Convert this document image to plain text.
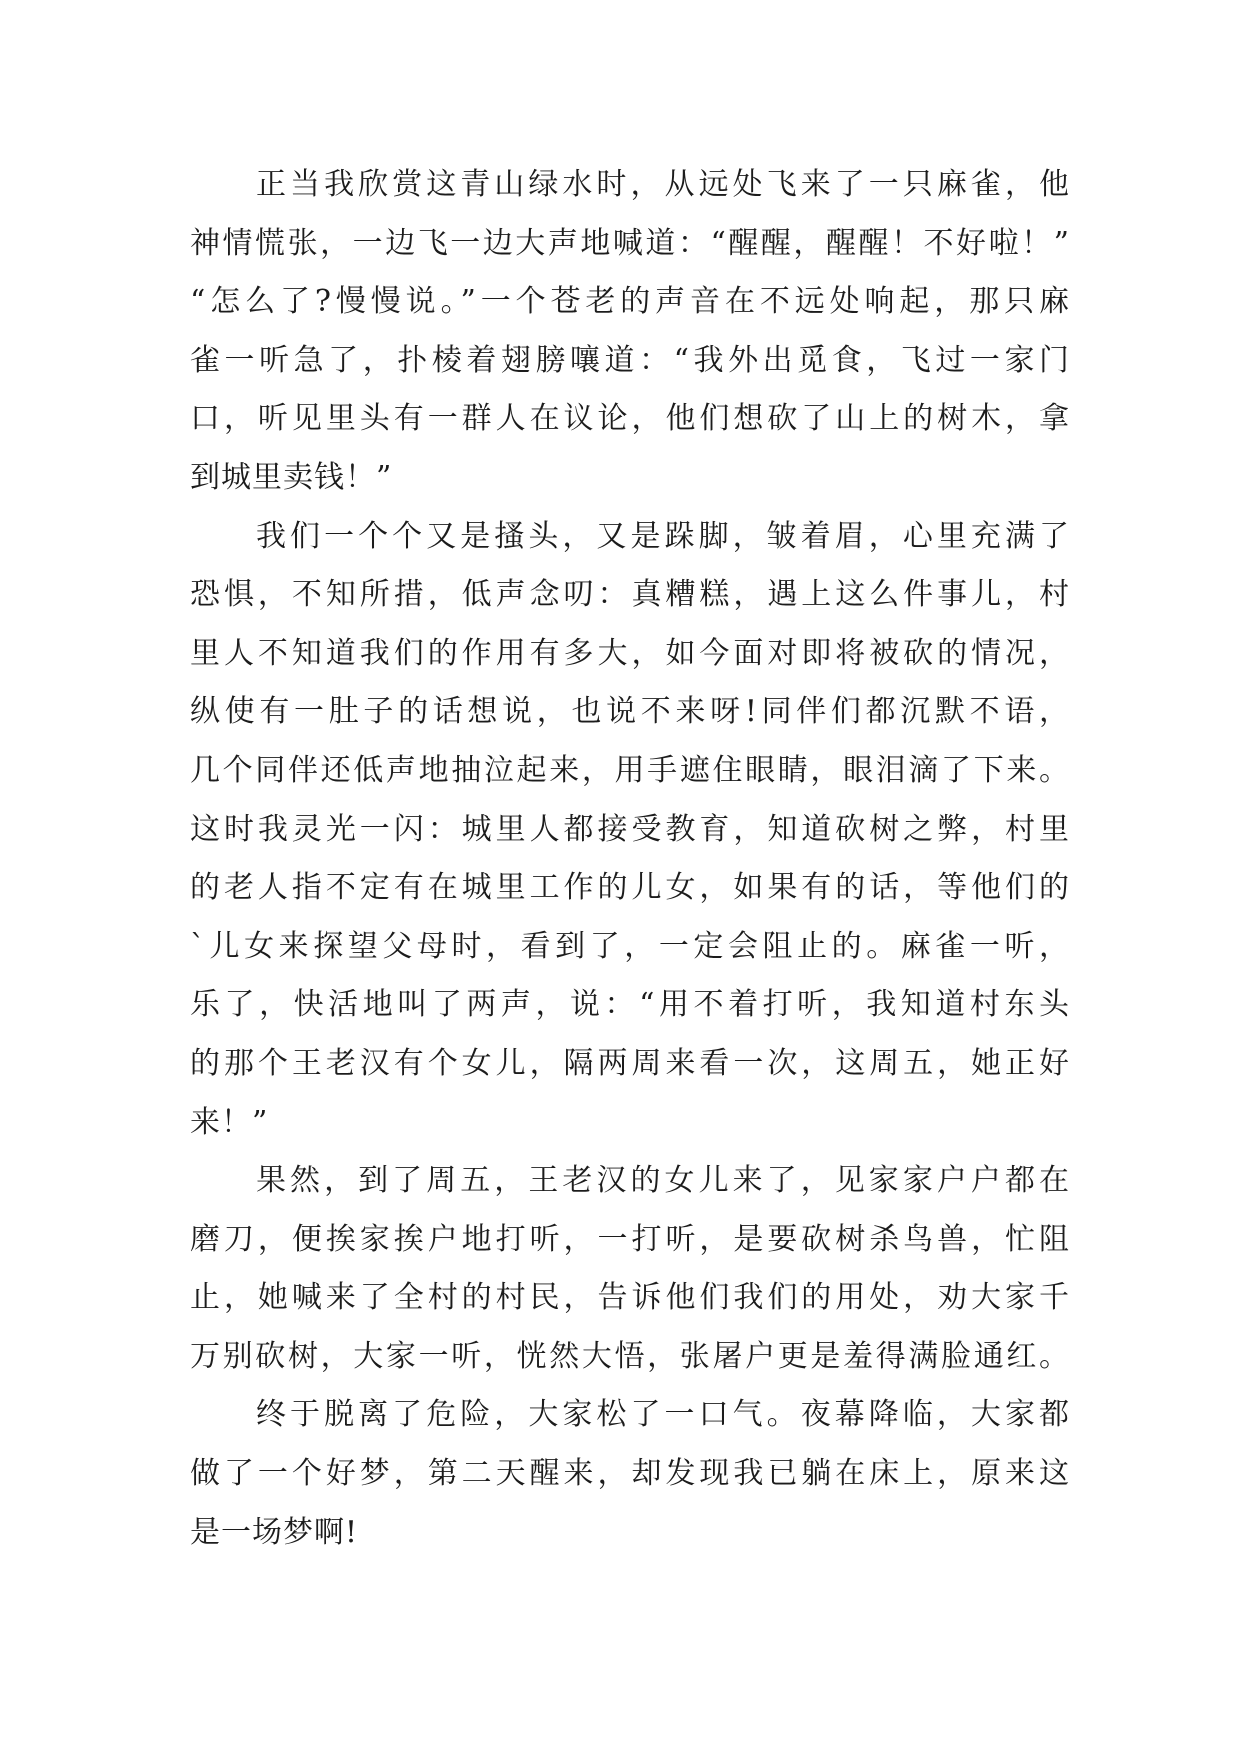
正当我欣赏这青山绿水时，从远处飞来了一只麻雀，他
神情慌张，一边飞一边大声地喊道：“醒醒，醒醒！不好啦！”
“怎么了?慢慢说。”一个苍老的声音在不远处响起，那只麻
雀一听急了，扑棱着翅膀嚷道：“我外出觅食，飞过一家门
口，听见里头有一群人在议论，他们想砍了山上的树木，拿
到城里卖钱！”
我们一个个又是搔头，又是跺脚，皱着眉，心里充满了
恐惧，不知所措，低声念叨：真糟糕，遇上这么件事儿，村
里人不知道我们的作用有多大，如今面对即将被砍的情况，
纵使有一肚子的话想说，也说不来呀!同伴们都沉默不语，
几个同伴还低声地抽泣起来，用手遮住眼睛，眼泪滴了下来。
这时我灵光一闪：城里人都接受教育，知道砍树之弊，村里
的老人指不定有在城里工作的儿女，如果有的话，等他们的
`儿女来探望父母时，看到了，一定会阻止的。麻雀一听，
乐了，快活地叫了两声，说：“用不着打听，我知道村东头
的那个王老汉有个女儿，隔两周来看一次，这周五，她正好
来！”
果然，到了周五，王老汉的女儿来了，见家家户户都在
磨刀，便挨家挨户地打听，一打听，是要砍树杀鸟兽，忙阻
止，她喊来了全村的村民，告诉他们我们的用处，劝大家千
万别砍树，大家一听，恍然大悟，张屠户更是羞得满脸通红。
终于脱离了危险，大家松了一口气。夜幕降临，大家都
做了一个好梦，第二天醒来，却发现我已躺在床上，原来这
是一场梦啊!
